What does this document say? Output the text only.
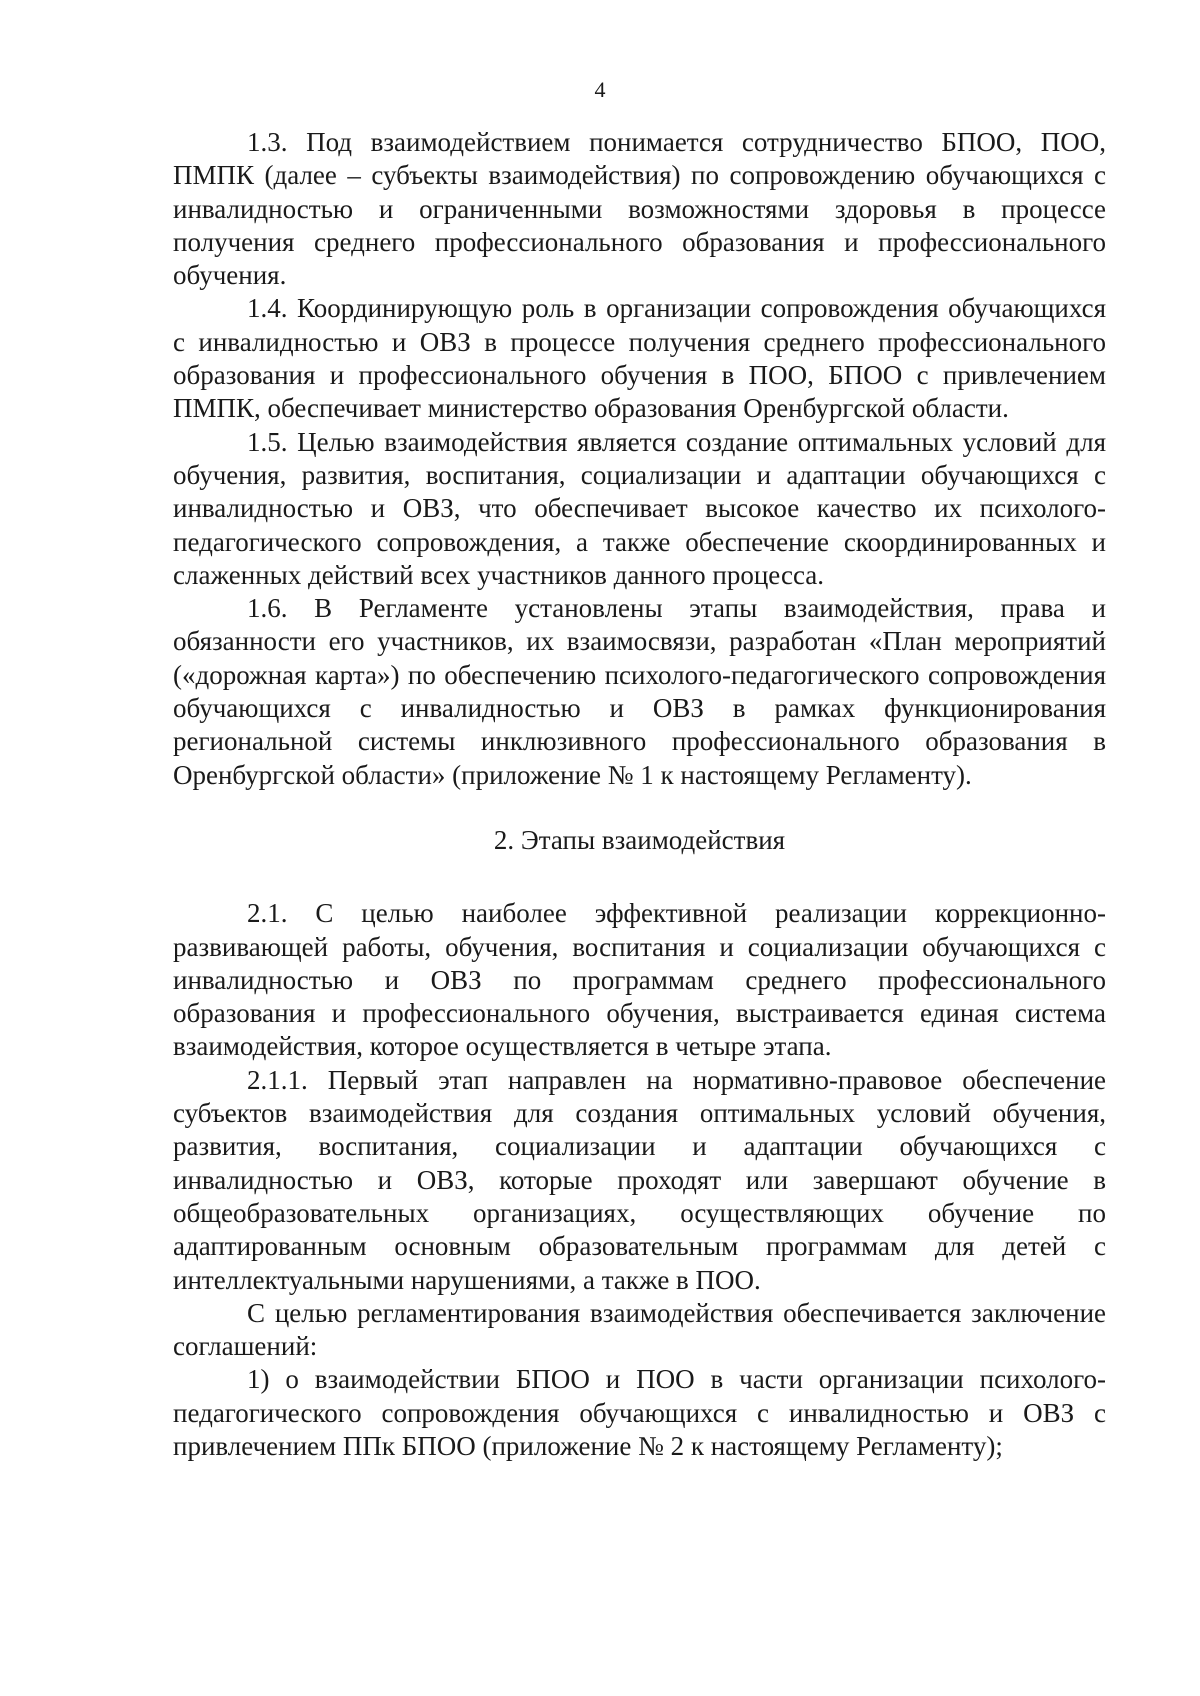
4

1.3. Под взаимодействием понимается сотрудничество БПОО, ПОО, ПМПК (далее – субъекты взаимодействия) по сопровождению обучающихся с инвалидностью и ограниченными возможностями здоровья в процессе получения среднего профессионального образования и профессионального обучения.

1.4. Координирующую роль в организации сопровождения обучающихся с инвалидностью и ОВЗ в процессе получения среднего профессионального образования и профессионального обучения в ПОО, БПОО с привлечением ПМПК, обеспечивает министерство образования Оренбургской области.

1.5. Целью взаимодействия является создание оптимальных условий для обучения, развития, воспитания, социализации и адаптации обучающихся с инвалидностью и ОВЗ, что обеспечивает высокое качество их психолого-педагогического сопровождения, а также обеспечение скоординированных и слаженных действий всех участников данного процесса.

1.6. В Регламенте установлены этапы взаимодействия, права и обязанности его участников, их взаимосвязи, разработан «План мероприятий («дорожная карта») по обеспечению психолого-педагогического сопровождения обучающихся с инвалидностью и ОВЗ в рамках функционирования региональной системы инклюзивного профессионального образования в Оренбургской области» (приложение № 1 к настоящему Регламенту).

2. Этапы взаимодействия

2.1. С целью наиболее эффективной реализации коррекционно-развивающей работы, обучения, воспитания и социализации обучающихся с инвалидностью и ОВЗ по программам среднего профессионального образования и профессионального обучения, выстраивается единая система взаимодействия, которое осуществляется в четыре этапа.

2.1.1. Первый этап направлен на нормативно-правовое обеспечение субъектов взаимодействия для создания оптимальных условий обучения, развития, воспитания, социализации и адаптации обучающихся с инвалидностью и ОВЗ, которые проходят или завершают обучение в общеобразовательных организациях, осуществляющих обучение по адаптированным основным образовательным программам для детей с интеллектуальными нарушениями, а также в ПОО.

С целью регламентирования взаимодействия обеспечивается заключение соглашений:

1) о взаимодействии БПОО и ПОО в части организации психолого-педагогического сопровождения обучающихся с инвалидностью и ОВЗ с привлечением ППк БПОО (приложение № 2 к настоящему Регламенту);
